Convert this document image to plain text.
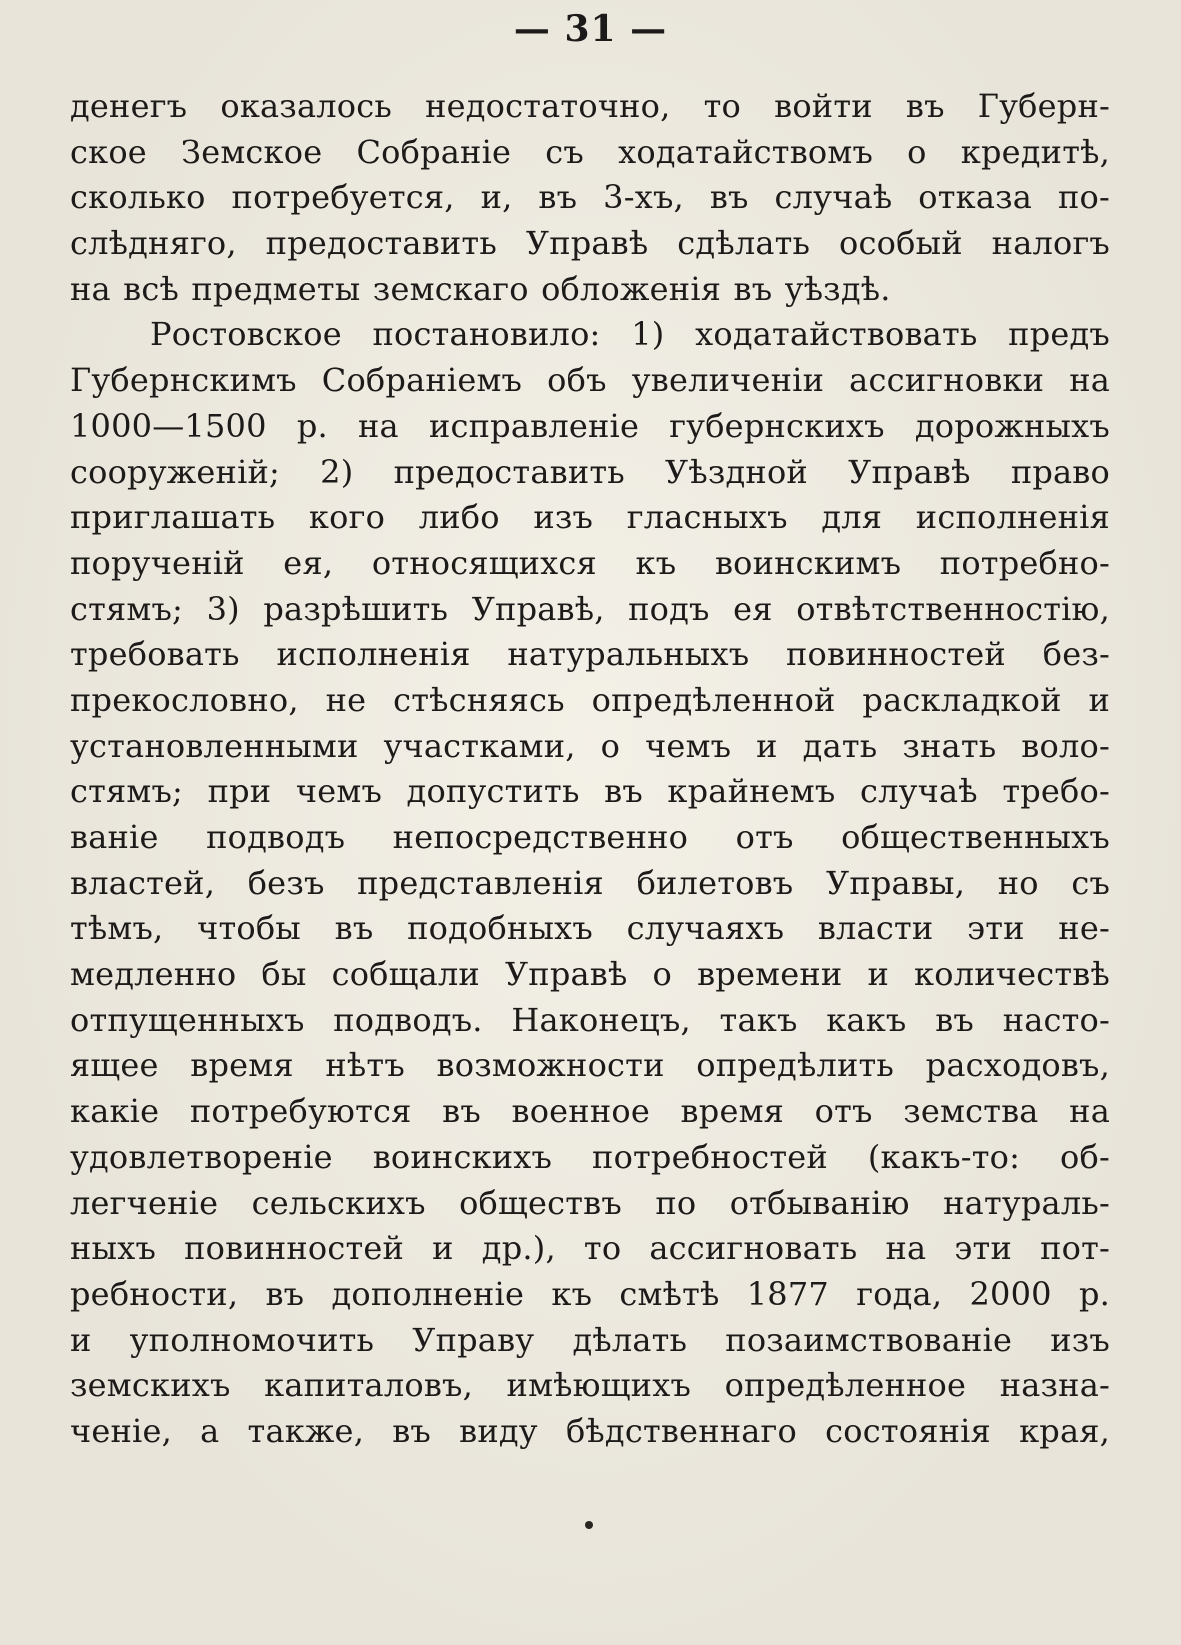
— 31 —
денегъ оказалось недостаточно, то войти въ Губерн-
ское Земское Собраніе съ ходатайствомъ о кредитѣ,
сколько потребуется, и, въ 3-хъ, въ случаѣ отказа по-
слѣдняго, предоставить Управѣ сдѣлать особый налогъ
на всѣ предметы земскаго обложенія въ уѣздѣ.
Ростовское постановило: 1) ходатайствовать предъ
Губернскимъ Собраніемъ объ увеличеніи ассигновки на
1000—1500 р. на исправленіе губернскихъ дорожныхъ
сооруженій; 2) предоставить Уѣздной Управѣ право
приглашать кого либо изъ гласныхъ для исполненія
порученій ея, относящихся къ воинскимъ потребно-
стямъ; 3) разрѣшить Управѣ, подъ ея отвѣтственностію,
требовать исполненія натуральныхъ повинностей без-
прекословно, не стѣсняясь опредѣленной раскладкой и
установленными участками, о чемъ и дать знать воло-
стямъ; при чемъ допустить въ крайнемъ случаѣ требо-
ваніе подводъ непосредственно отъ общественныхъ
властей, безъ представленія билетовъ Управы, но съ
тѣмъ, чтобы въ подобныхъ случаяхъ власти эти не-
медленно бы собщали Управѣ о времени и количествѣ
отпущенныхъ подводъ. Наконецъ, такъ какъ въ насто-
ящее время нѣтъ возможности опредѣлить расходовъ,
какіе потребуются въ военное время отъ земства на
удовлетвореніе воинскихъ потребностей (какъ-то: об-
легченіе сельскихъ обществъ по отбыванію натураль-
ныхъ повинностей и др.), то ассигновать на эти пот-
ребности, въ дополненіе къ смѣтѣ 1877 года, 2000 р.
и уполномочить Управу дѣлать позаимствованіе изъ
земскихъ капиталовъ, имѣющихъ опредѣленное назна-
ченіе, а также, въ виду бѣдственнаго состоянія края,
